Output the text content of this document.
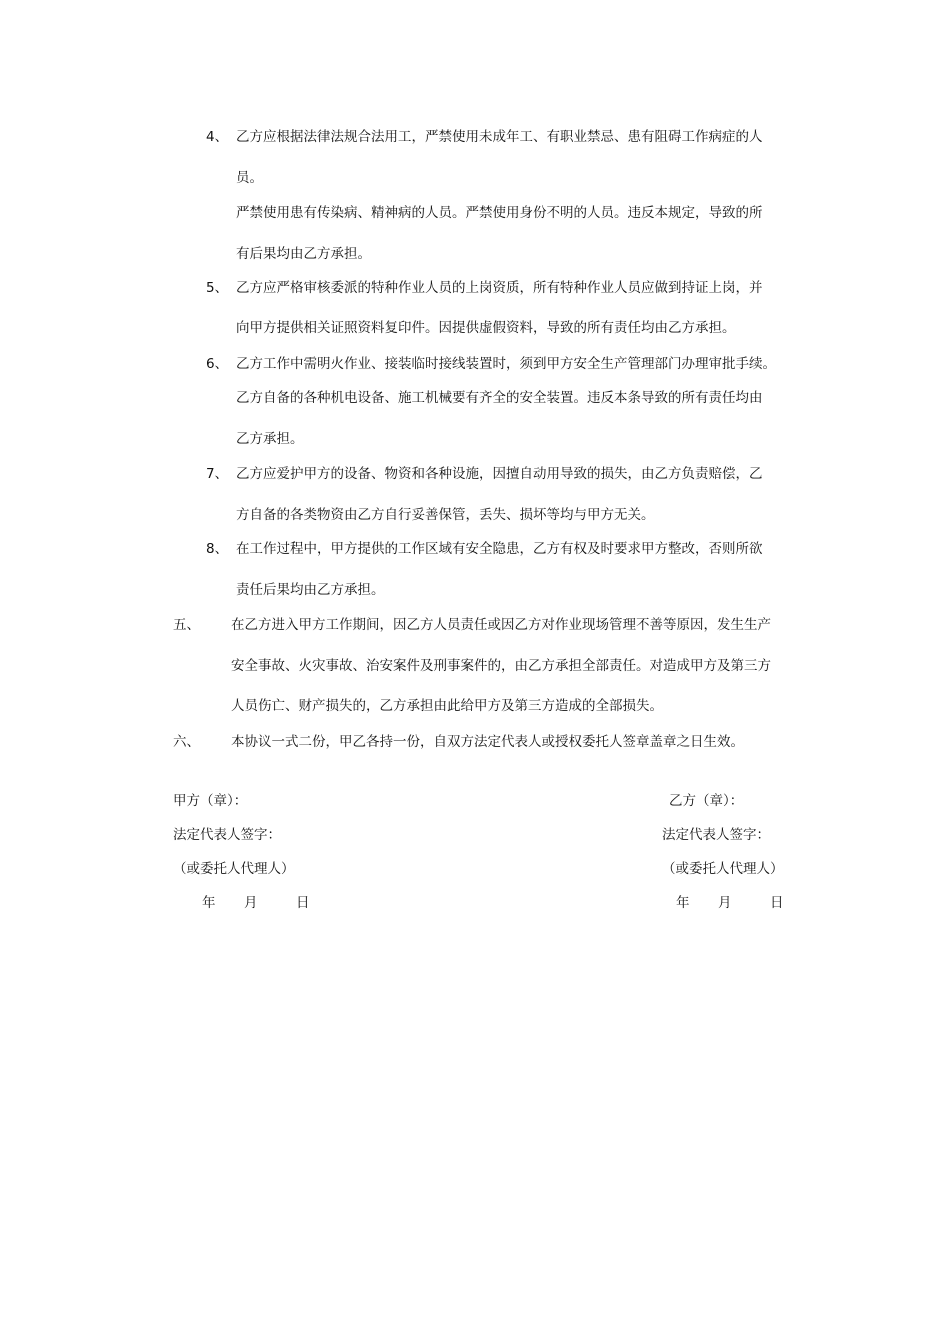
4、 乙方应根据法律法规合法用工，严禁使用未成年工、有职业禁忌、患有阻碍工作病症的人
员。
严禁使用患有传染病、精神病的人员。严禁使用身份不明的人员。违反本规定，导致的所
有后果均由乙方承担。
5、 乙方应严格审核委派的特种作业人员的上岗资质，所有特种作业人员应做到持证上岗，并
向甲方提供相关证照资料复印件。因提供虚假资料，导致的所有责任均由乙方承担。
6、 乙方工作中需明火作业、接装临时接线装置时，须到甲方安全生产管理部门办理审批手续。
乙方自备的各种机电设备、施工机械要有齐全的安全装置。违反本条导致的所有责任均由
乙方承担。
7、 乙方应爱护甲方的设备、物资和各种设施，因擅自动用导致的损失，由乙方负责赔偿，乙
方自备的各类物资由乙方自行妥善保管，丢失、损坏等均与甲方无关。
8、 在工作过程中，甲方提供的工作区域有安全隐患，乙方有权及时要求甲方整改，否则所欲
责任后果均由乙方承担。
五、 在乙方进入甲方工作期间，因乙方人员责任或因乙方对作业现场管理不善等原因，发生生产
安全事故、火灾事故、治安案件及刑事案件的，由乙方承担全部责任。对造成甲方及第三方
人员伤亡、财产损失的，乙方承担由此给甲方及第三方造成的全部损失。
六、 本协议一式二份，甲乙各持一份，自双方法定代表人或授权委托人签章盖章之日生效。
甲方（章）：
法定代表人签字：
（或委托人代理人）
年 月	日
乙方（章）：
法定代表人签字：
（或委托人代理人）
年 月	日
